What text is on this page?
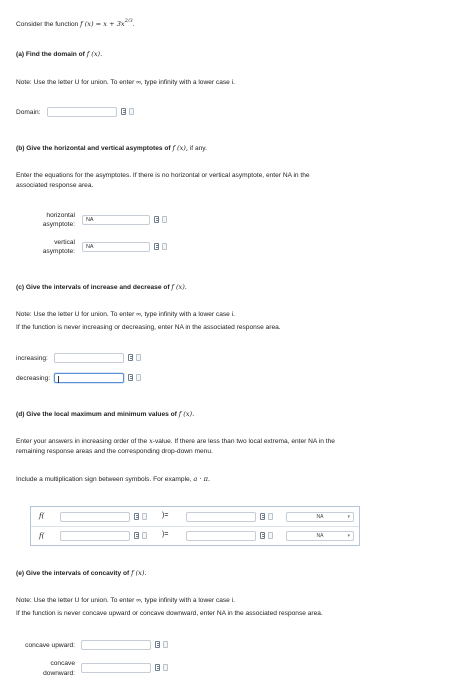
Consider the function f $(x) = x + 3x^{2/3}$.
(a) Find the domain of f (x).
Note: Use the letter U for union. To enter ∞, type infinity with a lower case i.
Domain:
(b) Give the horizontal and vertical asymptotes of f (x), if any.
Enter the equations for the asymptotes. If there is no horizontal or vertical asymptote, enter NA in the
associated response area.
horizontal
asymptote:
NA
vertical
asymptote:
NA
(c) Give the intervals of increase and decrease of f (x).
Note: Use the letter U for union. To enter ∞, type infinity with a lower case i.
If the function is never increasing or decreasing, enter NA in the associated response area.
increasing:
decreasing:
(d) Give the local maximum and minimum values of f (x).
Enter your answers in increasing order of the x-value. If there are less than two local extrema, enter NA in the
remaining response areas and the corresponding drop-down menu.
Include a multiplication sign between symbols. For example, a · π.
f(	)=	NA	▾
f(	)=	NA	▾
(e) Give the intervals of concavity of f (x).
Note: Use the letter U for union. To enter ∞, type infinity with a lower case i.
If the function is never concave upward or concave downward, enter NA in the associated response area.
concave upward:
concave
downward:
